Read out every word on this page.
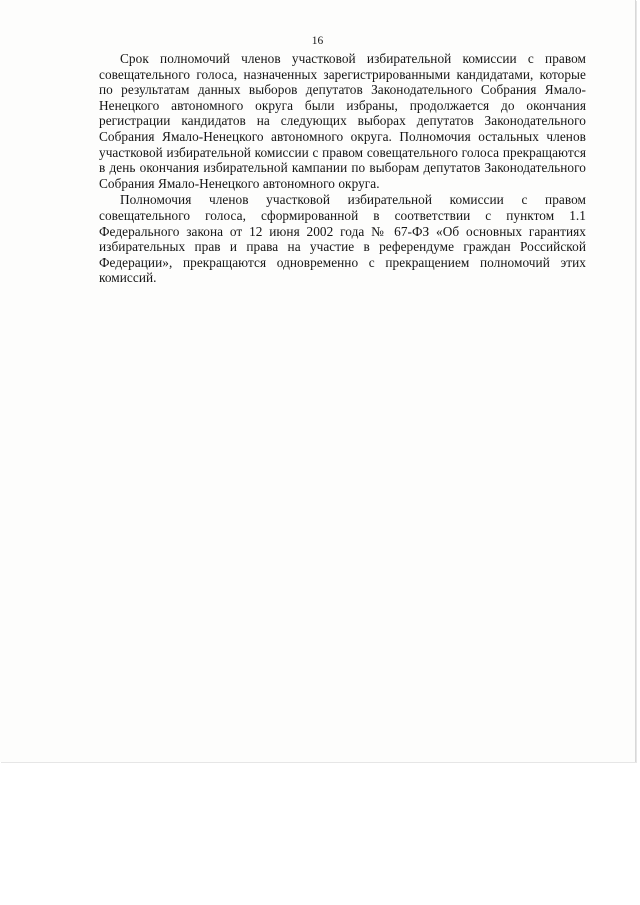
16

Срок полномочий членов участковой избирательной комиссии с правом совещательного голоса, назначенных зарегистрированными кандидатами, которые по результатам данных выборов депутатов Законодательного Собрания Ямало-Ненецкого автономного округа были избраны, продолжается до окончания регистрации кандидатов на следующих выборах депутатов Законодательного Собрания Ямало-Ненецкого автономного округа. Полномочия остальных членов участковой избирательной комиссии с правом совещательного голоса прекращаются в день окончания избирательной кампании по выборам депутатов Законодательного Собрания Ямало-Ненецкого автономного округа.

Полномочия членов участковой избирательной комиссии с правом совещательного голоса, сформированной в соответствии с пунктом 1.1 Федерального закона от 12 июня 2002 года № 67-ФЗ «Об основных гарантиях избирательных прав и права на участие в референдуме граждан Российской Федерации», прекращаются одновременно с прекращением полномочий этих комиссий.
